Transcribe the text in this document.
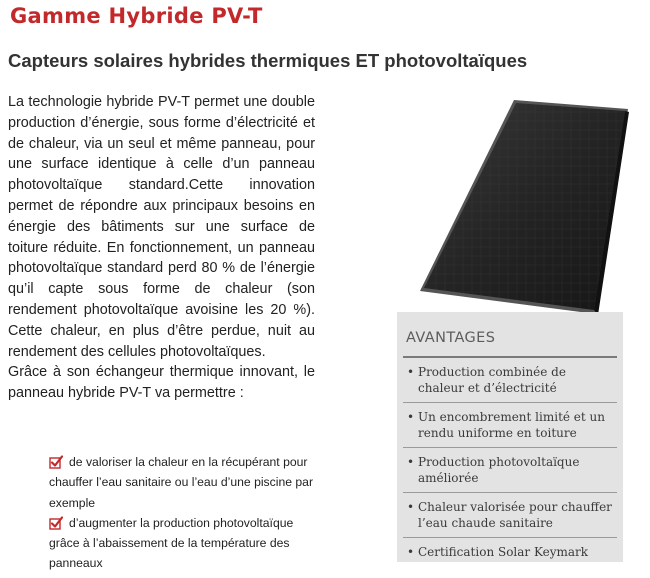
Gamme Hybride PV-T
Capteurs solaires hybrides thermiques ET photovoltaïques

La technologie hybride PV-T permet une double production d’énergie, sous forme d’électricité et de chaleur, via un seul et même panneau, pour une surface identique à celle d’un panneau photovoltaïque standard.Cette innovation permet de répondre aux principaux besoins en énergie des bâtiments sur une surface de toiture réduite. En fonctionnement, un panneau photovoltaïque standard perd 80 % de l’énergie qu’il capte sous forme de chaleur (son rendement photovoltaïque avoisine les 20 %). Cette chaleur, en plus d’être perdue, nuit au rendement des cellules photovoltaïques.

Grâce à son échangeur thermique innovant, le panneau hybride PV-T va permettre :

de valoriser la chaleur en la récupérant pour chauffer l’eau sanitaire ou l’eau d’une piscine par exemple
d’augmenter la production photovoltaïque grâce à l’abaissement de la température des panneaux
AVANTAGES
• Production combinée de chaleur et d’électricité
• Un encombrement limité et un rendu uniforme en toiture
• Production photovoltaïque améliorée
• Chaleur valorisée pour chauffer l’eau chaude sanitaire
• Certification Solar Keymark
